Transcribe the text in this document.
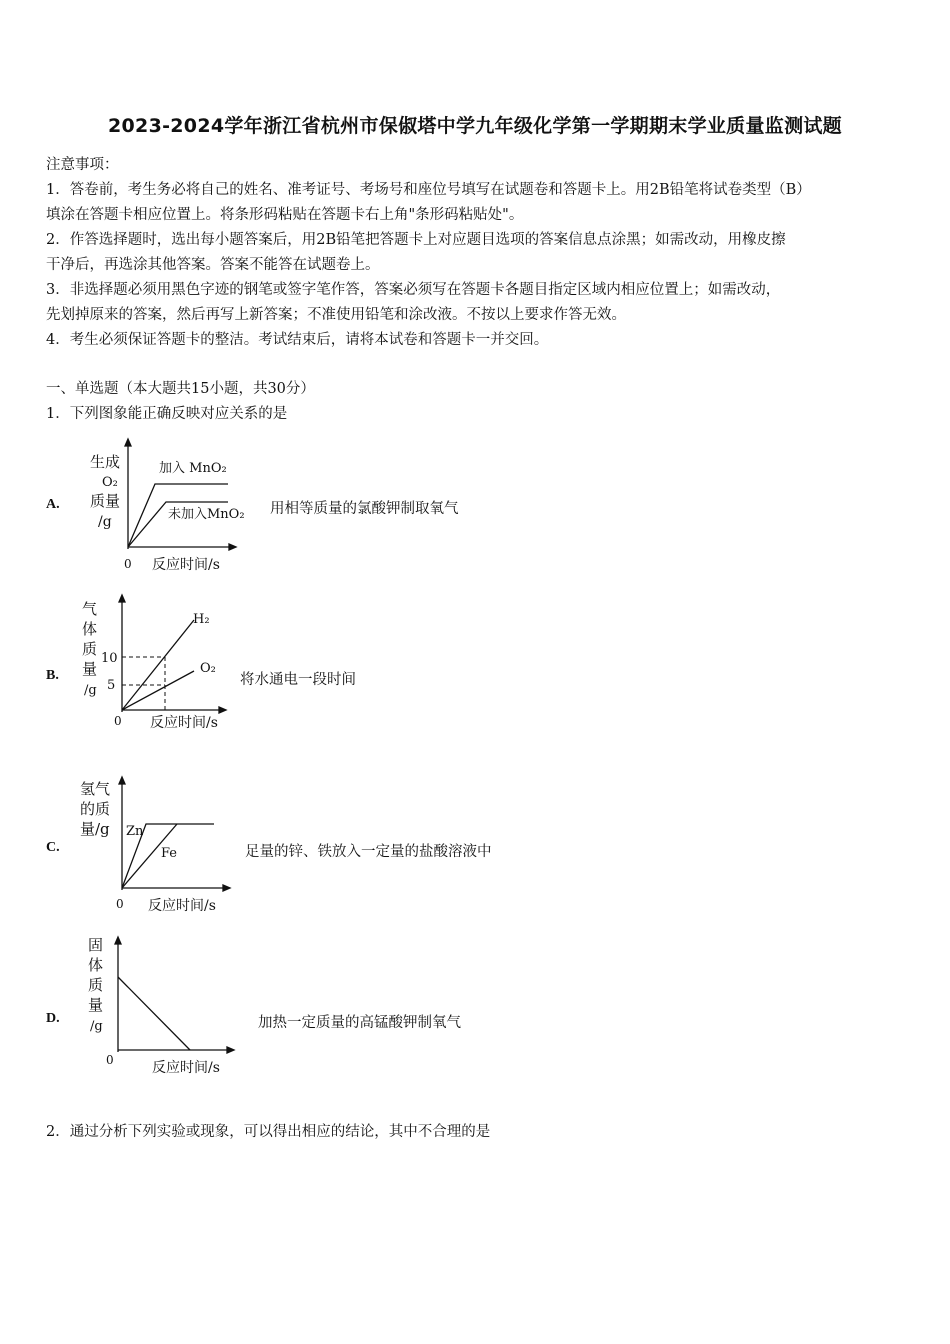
2023-2024学年浙江省杭州市保俶塔中学九年级化学第一学期期末学业质量监测试题
注意事项：
1．答卷前，考生务必将自己的姓名、准考证号、考场号和座位号填写在试题卷和答题卡上。用2B铅笔将试卷类型（B）
填涂在答题卡相应位置上。将条形码粘贴在答题卡右上角"条形码粘贴处"。
2．作答选择题时，选出每小题答案后，用2B铅笔把答题卡上对应题目选项的答案信息点涂黑；如需改动，用橡皮擦
干净后，再选涂其他答案。答案不能答在试题卷上。
3．非选择题必须用黑色字迹的钢笔或签字笔作答，答案必须写在答题卡各题目指定区域内相应位置上；如需改动，
先划掉原来的答案，然后再写上新答案；不准使用铅笔和涂改液。不按以上要求作答无效。
4．考生必须保证答题卡的整洁。考试结束后，请将本试卷和答题卡一并交回。
一、单选题（本大题共15小题，共30分）
1．下列图象能正确反映对应关系的是
A.
生成
O₂
质量
/g
加入 MnO₂
未加入MnO₂
0 反应时间/s
用相等质量的氯酸钾制取氧气
B.
气
体
质
量
/g
10
5
H₂
O₂
0 反应时间/s
将水通电一段时间
C.
氢气
的质
量/g Zn
Fe
0 反应时间/s
足量的锌、铁放入一定量的盐酸溶液中
D.
固
体
质
量
/g
0	反应时间/s
加热一定质量的高锰酸钾制氧气
2．通过分析下列实验或现象，可以得出相应的结论，其中不合理的是
